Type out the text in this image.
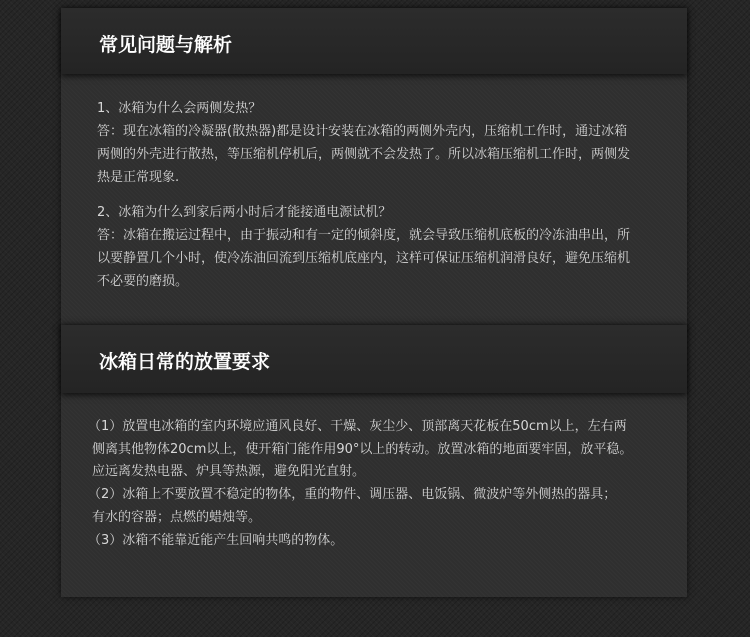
常见问题与解析

1、冰箱为什么会两侧发热？

答：现在冰箱的冷凝器(散热器)都是设计安装在冰箱的两侧外壳内，压缩机工作时，通过冰箱

两侧的外壳进行散热，等压缩机停机后，两侧就不会发热了。所以冰箱压缩机工作时，两侧发

热是正常现象.

2、冰箱为什么到家后两小时后才能接通电源试机？

答：冰箱在搬运过程中，由于振动和有一定的倾斜度，就会导致压缩机底板的冷冻油串出，所

以要静置几个小时，使冷冻油回流到压缩机底座内，这样可保证压缩机润滑良好，避免压缩机

不必要的磨损。

冰箱日常的放置要求

（1）放置电冰箱的室内环境应通风良好、干燥、灰尘少、顶部离天花板在50cm以上，左右两

侧离其他物体20cm以上，使开箱门能作用90°以上的转动。放置冰箱的地面要牢固，放平稳。

应远离发热电器、炉具等热源，避免阳光直射。

（2）冰箱上不要放置不稳定的物体，重的物件、调压器、电饭锅、微波炉等外侧热的器具；

有水的容器；点燃的蜡烛等。

（3）冰箱不能靠近能产生回响共鸣的物体。
